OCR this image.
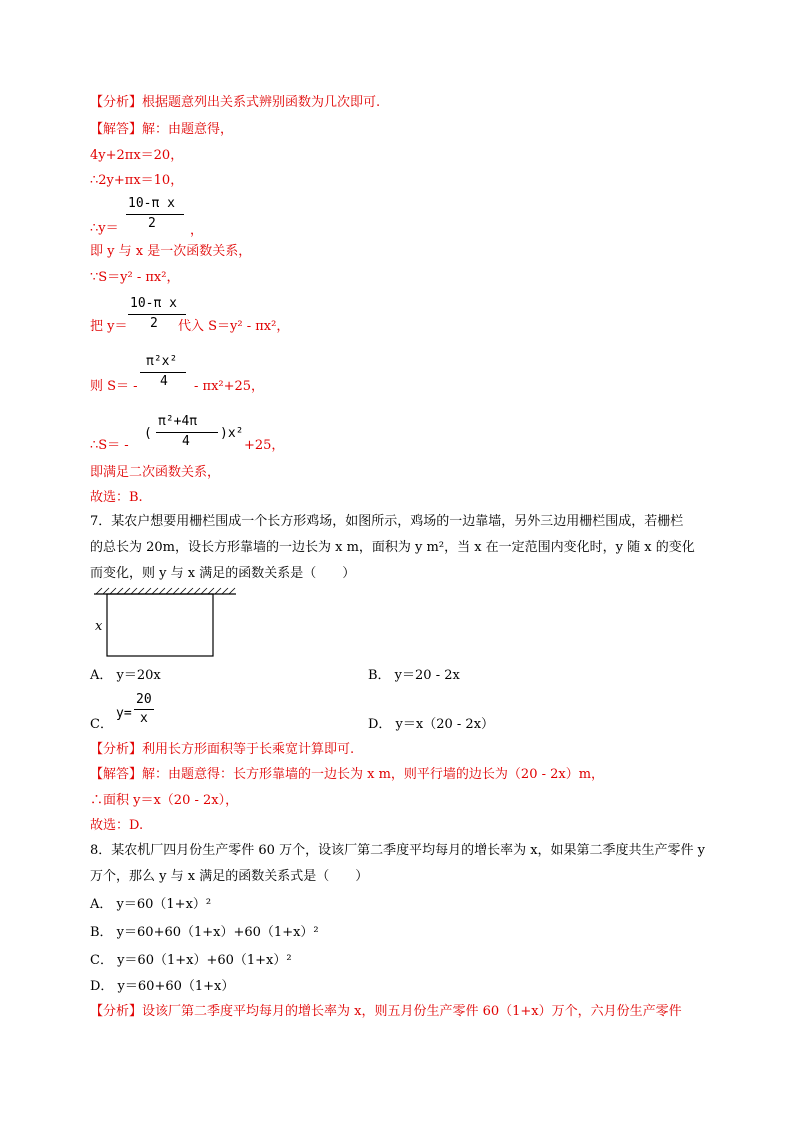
【分析】根据题意列出关系式辨别函数为几次即可.
【解答】解：由题意得，
4y+2πx＝20，
∴2y+πx＝10，
∴y＝
10-π x
2	，
即 y 与 x 是一次函数关系，
∵S＝y² - πx²，
把 y＝
10-π x
2 代入 S＝y² - πx²，
则 S＝ -
π²x²
4 - πx²+25，
∴S＝ -
(
π²+4π
4
)x²
+25，
即满足二次函数关系，
故选：B.
7．某农户想要用栅栏围成一个长方形鸡场，如图所示，鸡场的一边靠墙，另外三边用栅栏围成，若栅栏
的总长为 20m，设长方形靠墙的一边长为 x m，面积为 y m²，当 x 在一定范围内变化时，y 随 x 的变化
而变化，则 y 与 x 满足的函数关系是（　　）
x
A． y＝20x	B． y＝20 - 2x
C．
y=
20
x	D． y＝x（20 - 2x）
【分析】利用长方形面积等于长乘宽计算即可.
【解答】解：由题意得：长方形靠墙的一边长为 x m，则平行墙的边长为（20 - 2x）m，
∴面积 y＝x（20 - 2x），
故选：D.
8．某农机厂四月份生产零件 60 万个，设该厂第二季度平均每月的增长率为 x，如果第二季度共生产零件 y
万个，那么 y 与 x 满足的函数关系式是（　　）
A． y＝60（1+x）²
B． y＝60+60（1+x）+60（1+x）²
C． y＝60（1+x）+60（1+x）²
D． y＝60+60（1+x）
【分析】设该厂第二季度平均每月的增长率为 x，则五月份生产零件 60（1+x）万个，六月份生产零件
